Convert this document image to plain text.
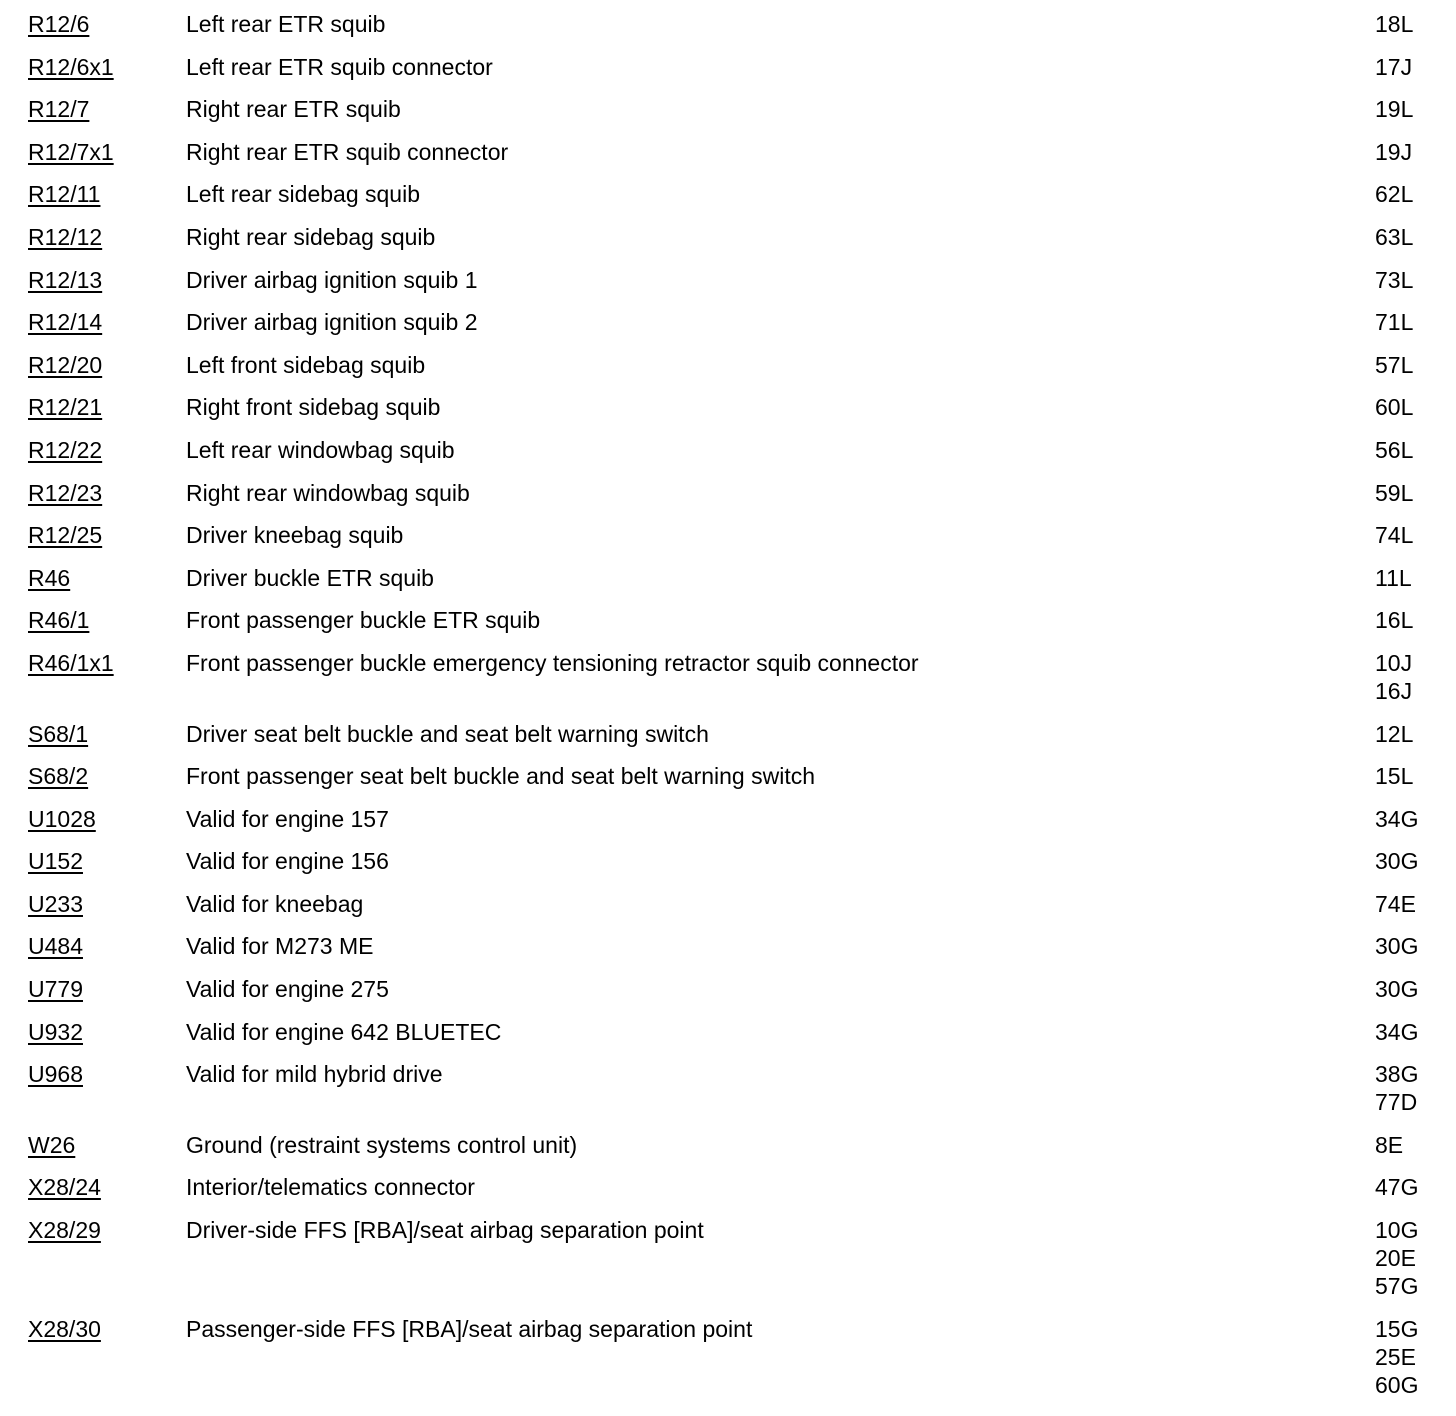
R12/6	Left rear ETR squib	18L
R12/6x1	Left rear ETR squib connector	17J
R12/7	Right rear ETR squib	19L
R12/7x1	Right rear ETR squib connector	19J
R12/11	Left rear sidebag squib	62L
R12/12	Right rear sidebag squib	63L
R12/13	Driver airbag ignition squib 1	73L
R12/14	Driver airbag ignition squib 2	71L
R12/20	Left front sidebag squib	57L
R12/21	Right front sidebag squib	60L
R12/22	Left rear windowbag squib	56L
R12/23	Right rear windowbag squib	59L
R12/25	Driver kneebag squib	74L
R46	Driver buckle ETR squib	11L
R46/1	Front passenger buckle ETR squib	16L
R46/1x1	Front passenger buckle emergency tensioning retractor squib connector	10J
16J
S68/1	Driver seat belt buckle and seat belt warning switch	12L
S68/2	Front passenger seat belt buckle and seat belt warning switch	15L
U1028	Valid for engine 157	34G
U152	Valid for engine 156	30G
U233	Valid for kneebag	74E
U484	Valid for M273 ME	30G
U779	Valid for engine 275	30G
U932	Valid for engine 642 BLUETEC	34G
U968	Valid for mild hybrid drive	38G
77D
W26	Ground (restraint systems control unit)	8E
X28/24	Interior/telematics connector	47G
X28/29	Driver-side FFS [RBA]/seat airbag separation point	10G
20E
57G
X28/30	Passenger-side FFS [RBA]/seat airbag separation point	15G
25E
60G
